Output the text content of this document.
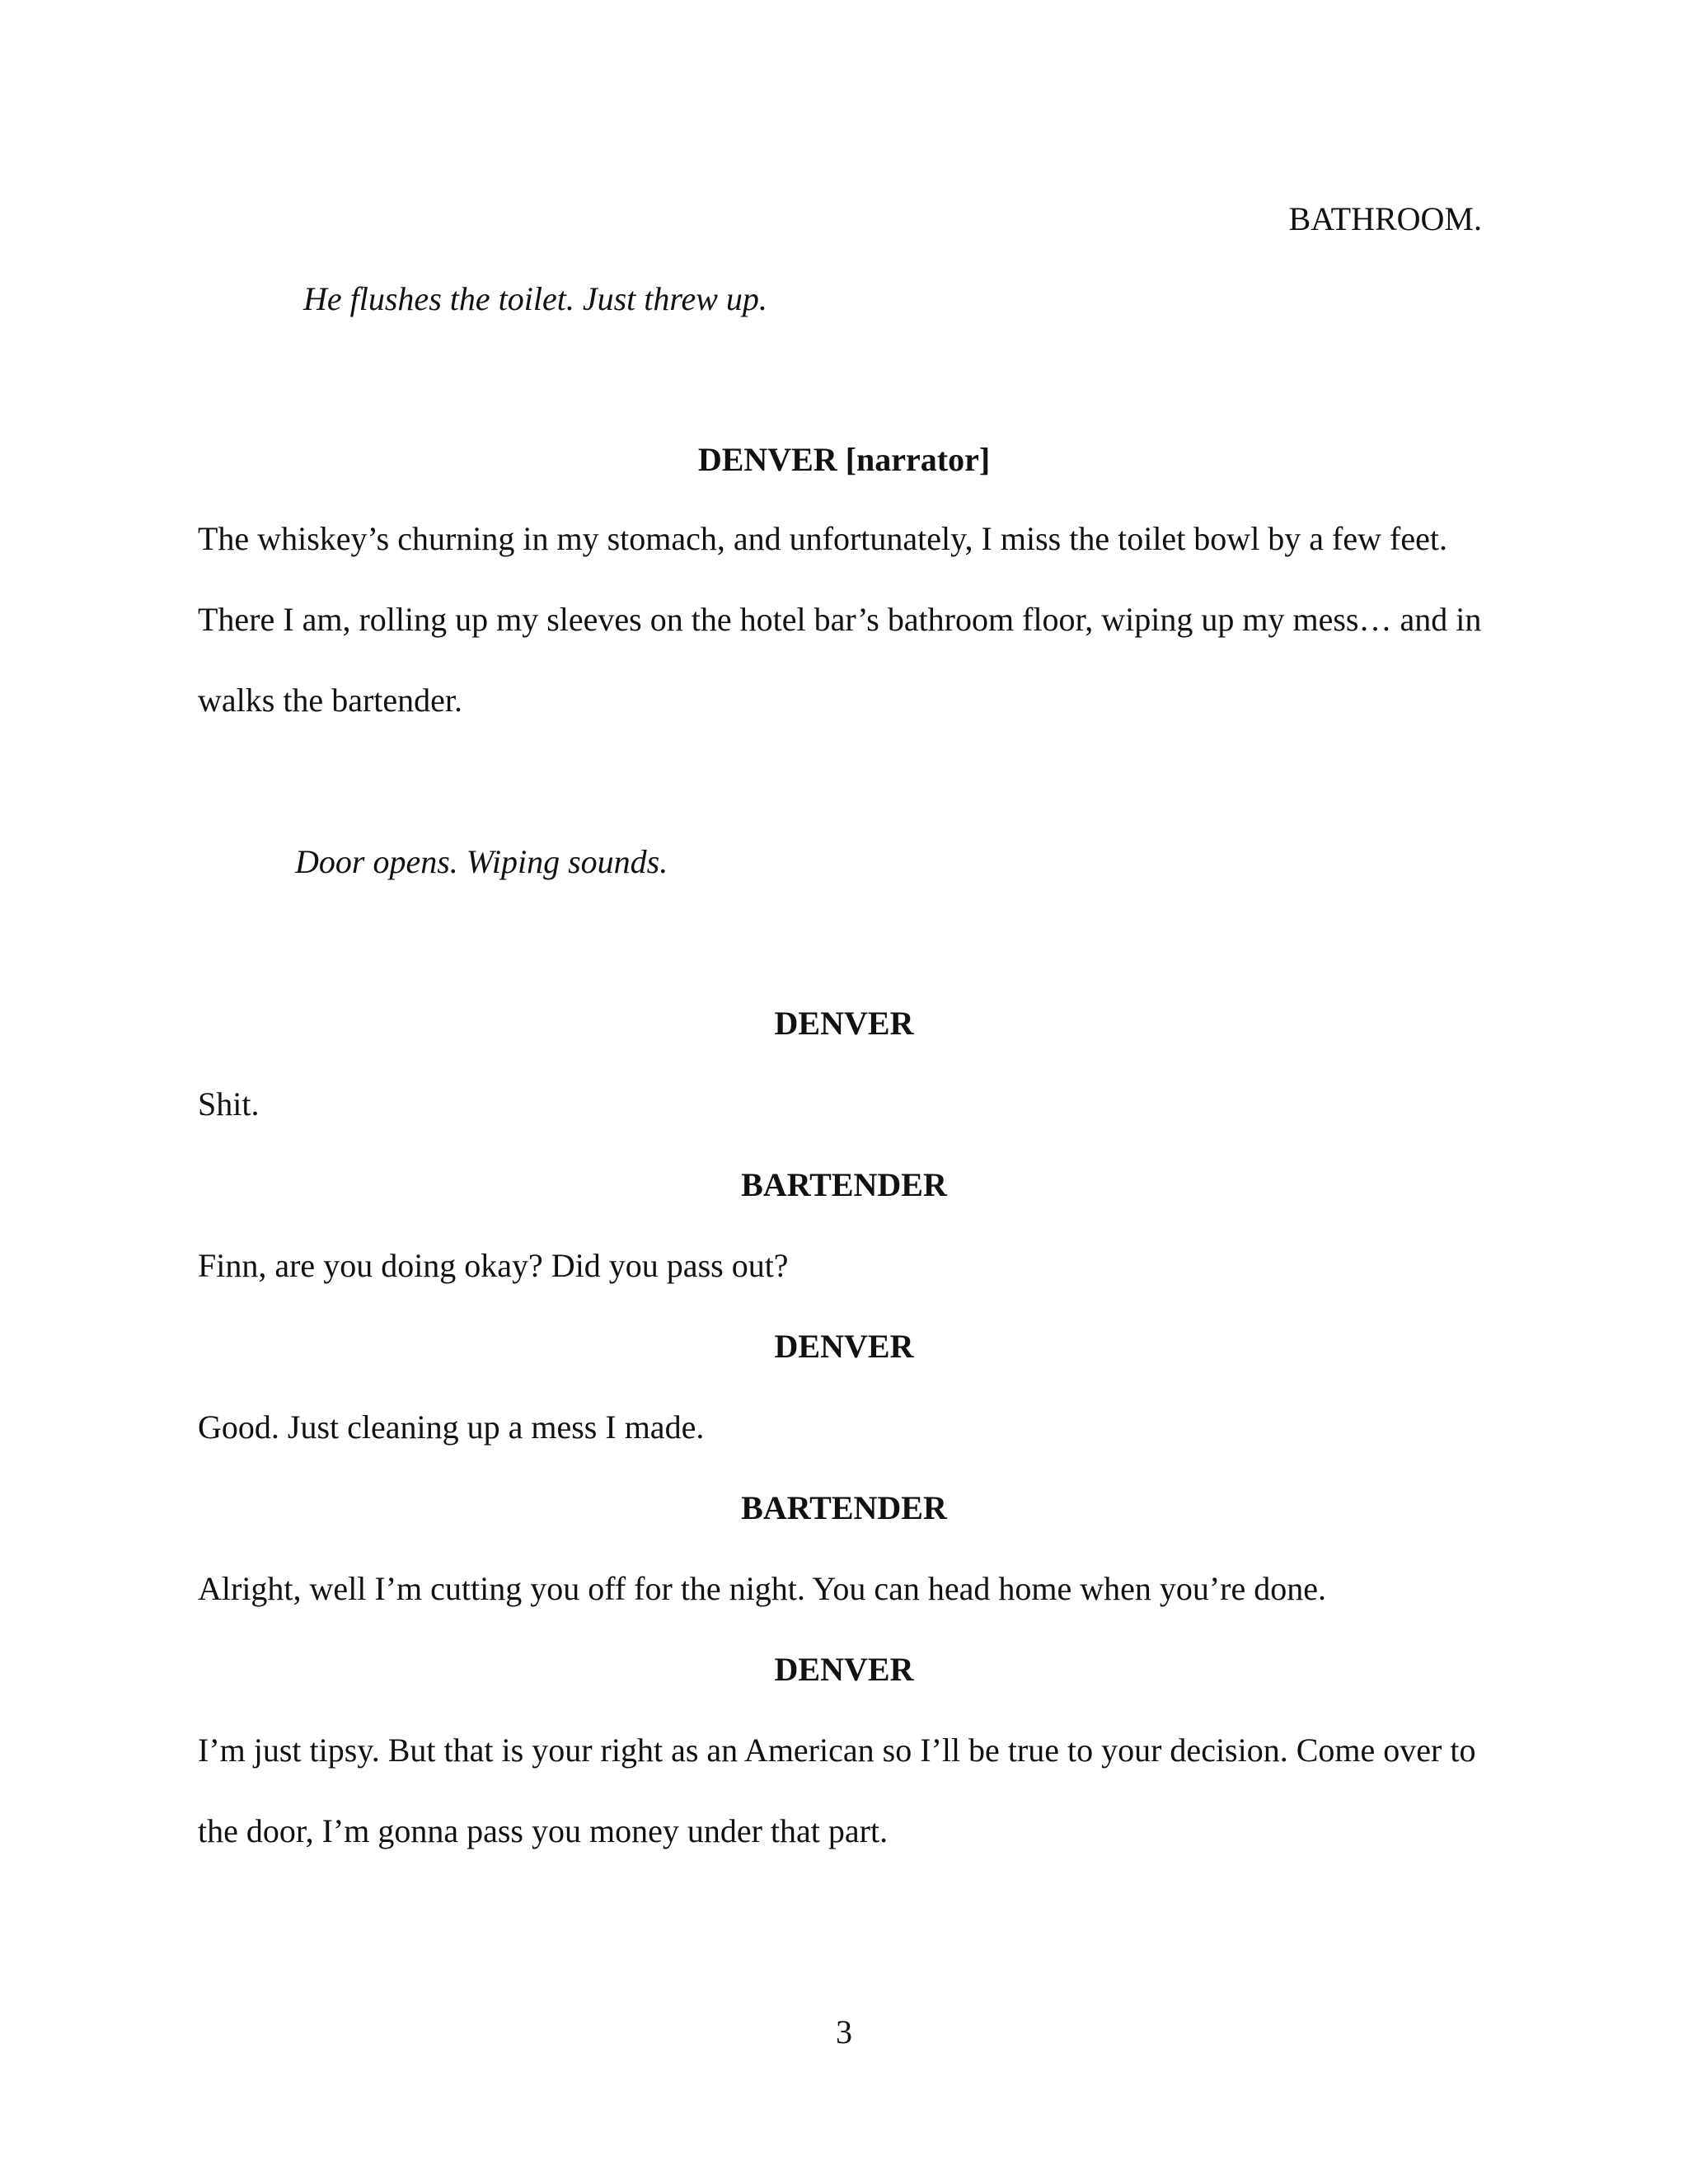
BATHROOM.
He flushes the toilet. Just threw up.
DENVER [narrator]
The whiskey’s churning in my stomach, and unfortunately, I miss the toilet bowl by a few feet.
There I am, rolling up my sleeves on the hotel bar’s bathroom floor, wiping up my mess… and in
walks the bartender.
Door opens. Wiping sounds.
DENVER
Shit.
BARTENDER
Finn, are you doing okay? Did you pass out?
DENVER
Good. Just cleaning up a mess I made.
BARTENDER
Alright, well I’m cutting you off for the night. You can head home when you’re done.
DENVER
I’m just tipsy. But that is your right as an American so I’ll be true to your decision. Come over to
the door, I’m gonna pass you money under that part.
3
